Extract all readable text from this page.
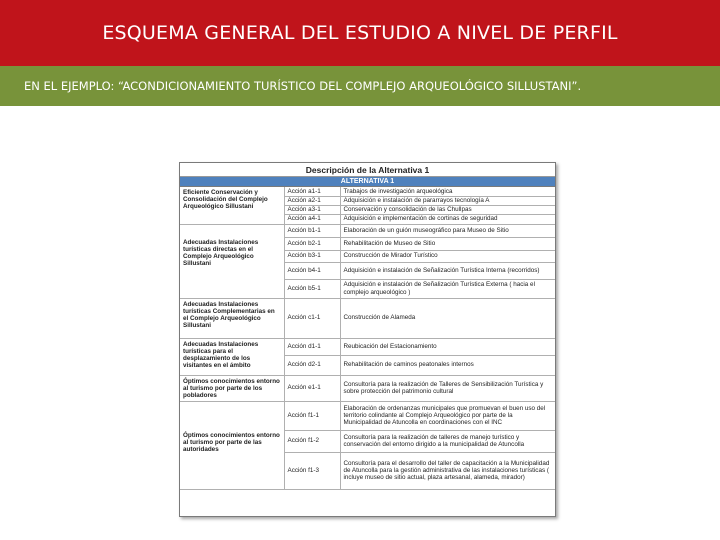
ESQUEMA GENERAL DEL ESTUDIO A NIVEL DE PERFIL
EN EL EJEMPLO: “ACONDICIONAMIENTO TURÍSTICO DEL COMPLEJO ARQUEOLÓGICO SILLUSTANI”.
Descripción de la Alternativa 1
ALTERNATIVA 1
Eficiente Conservación y Consolidación del Complejo Arqueológico Sillustani	Acción a1-1	Trabajos de investigación arqueológica
	Acción a2-1	Adquisición e instalación de pararrayos tecnología A
	Acción a3-1	Conservación y consolidación de las Chullpas
	Acción a4-1	Adquisición e implementación de cortinas de seguridad
Adecuadas Instalaciones turísticas directas en el Complejo Arqueológico Sillustani	Acción b1-1	Elaboración de un guión museográfico para Museo de Sitio
	Acción b2-1	Rehabilitación de Museo de Sitio
	Acción b3-1	Construcción de Mirador Turístico
	Acción b4-1	Adquisición e instalación de Señalización Turística Interna (recorridos)
	Acción b5-1	Adquisición e instalación de Señalización Turística Externa ( hacia el complejo arqueológico )
Adecuadas Instalaciones turísticas Complementarias en el Complejo Arqueológico Sillustani	Acción c1-1	Construcción de Alameda
Adecuadas Instalaciones turísticas para el desplazamiento de los visitantes en el ámbito	Acción d1-1	Reubicación del Estacionamiento
	Acción d2-1	Rehabilitación de caminos peatonales internos
Óptimos conocimientos entorno al turismo por parte de los pobladores	Acción e1-1	Consultoría para la realización de Talleres de Sensibilización Turística y sobre protección del patrimonio cultural
Óptimos conocimientos entorno al turismo por parte de las autoridades	Acción f1-1	Elaboración de ordenanzas municipales que promuevan el buen uso del territorio colindante al Complejo Arqueológico por parte de la Municipalidad de Atuncolla en coordinaciones con el INC
	Acción f1-2	Consultoría para la realización de talleres de manejo turístico y conservación del entorno dirigido a la municipalidad de Atuncolla
	Acción f1-3	Consultoría para el desarrollo del taller de capacitación a la Municipalidad de Atuncolla para la gestión administrativa de las instalaciones turísticas ( incluye museo de sitio actual, plaza artesanal, alameda, mirador)
